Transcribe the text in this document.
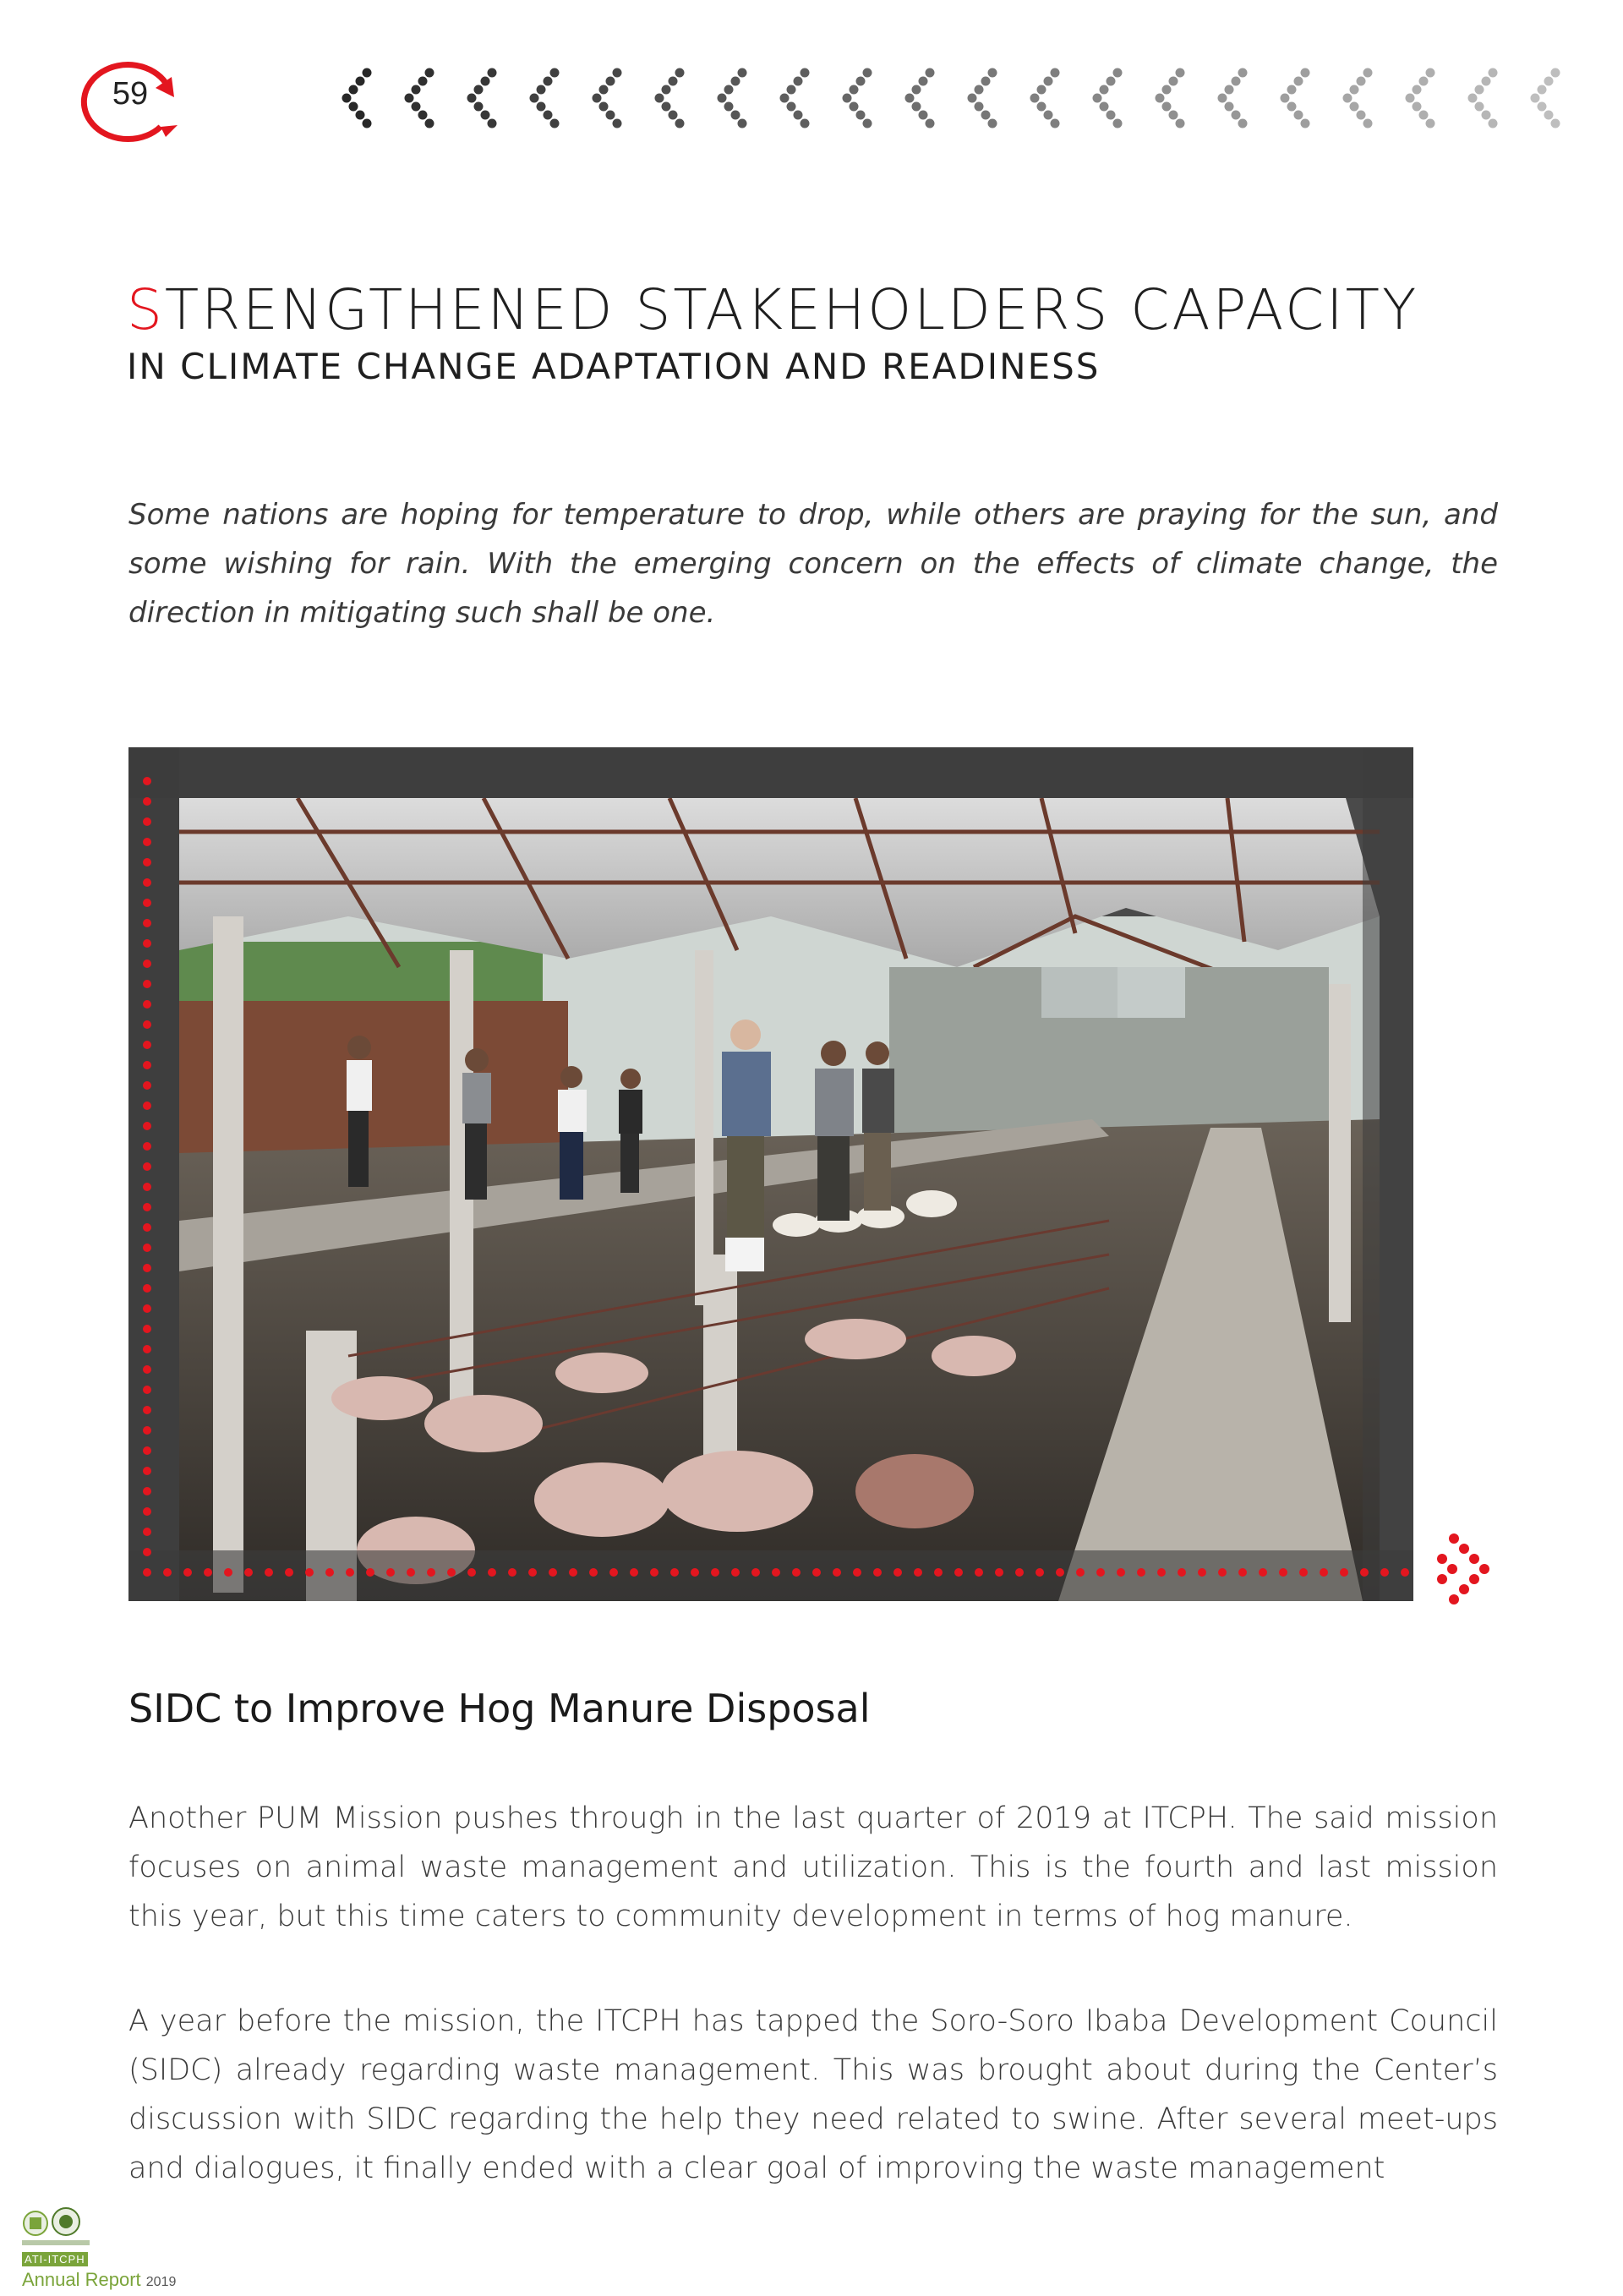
59
STRENGTHENED STAKEHOLDERS CAPACITY
IN CLIMATE CHANGE ADAPTATION AND READINESS
Some nations are hoping for temperature to drop, while others are praying for the sun, and some wishing for rain. With the emerging concern on the effects of climate change, the direction in mitigating such shall be one.
SIDC to Improve Hog Manure Disposal
Another PUM Mission pushes through in the last quarter of 2019 at ITCPH. The said mission focuses on animal waste management and utilization. This is the fourth and last mission this year, but this time caters to community development in terms of hog manure.
A year before the mission, the ITCPH has tapped the Soro-Soro Ibaba Development Council (SIDC) already regarding waste management. This was brought about during the Center’s discussion with SIDC regarding the help they need related to swine. After several meet-ups and dialogues, it finally ended with a clear goal of improving the waste management
ATI-ITCPH
Annual Report 2019
